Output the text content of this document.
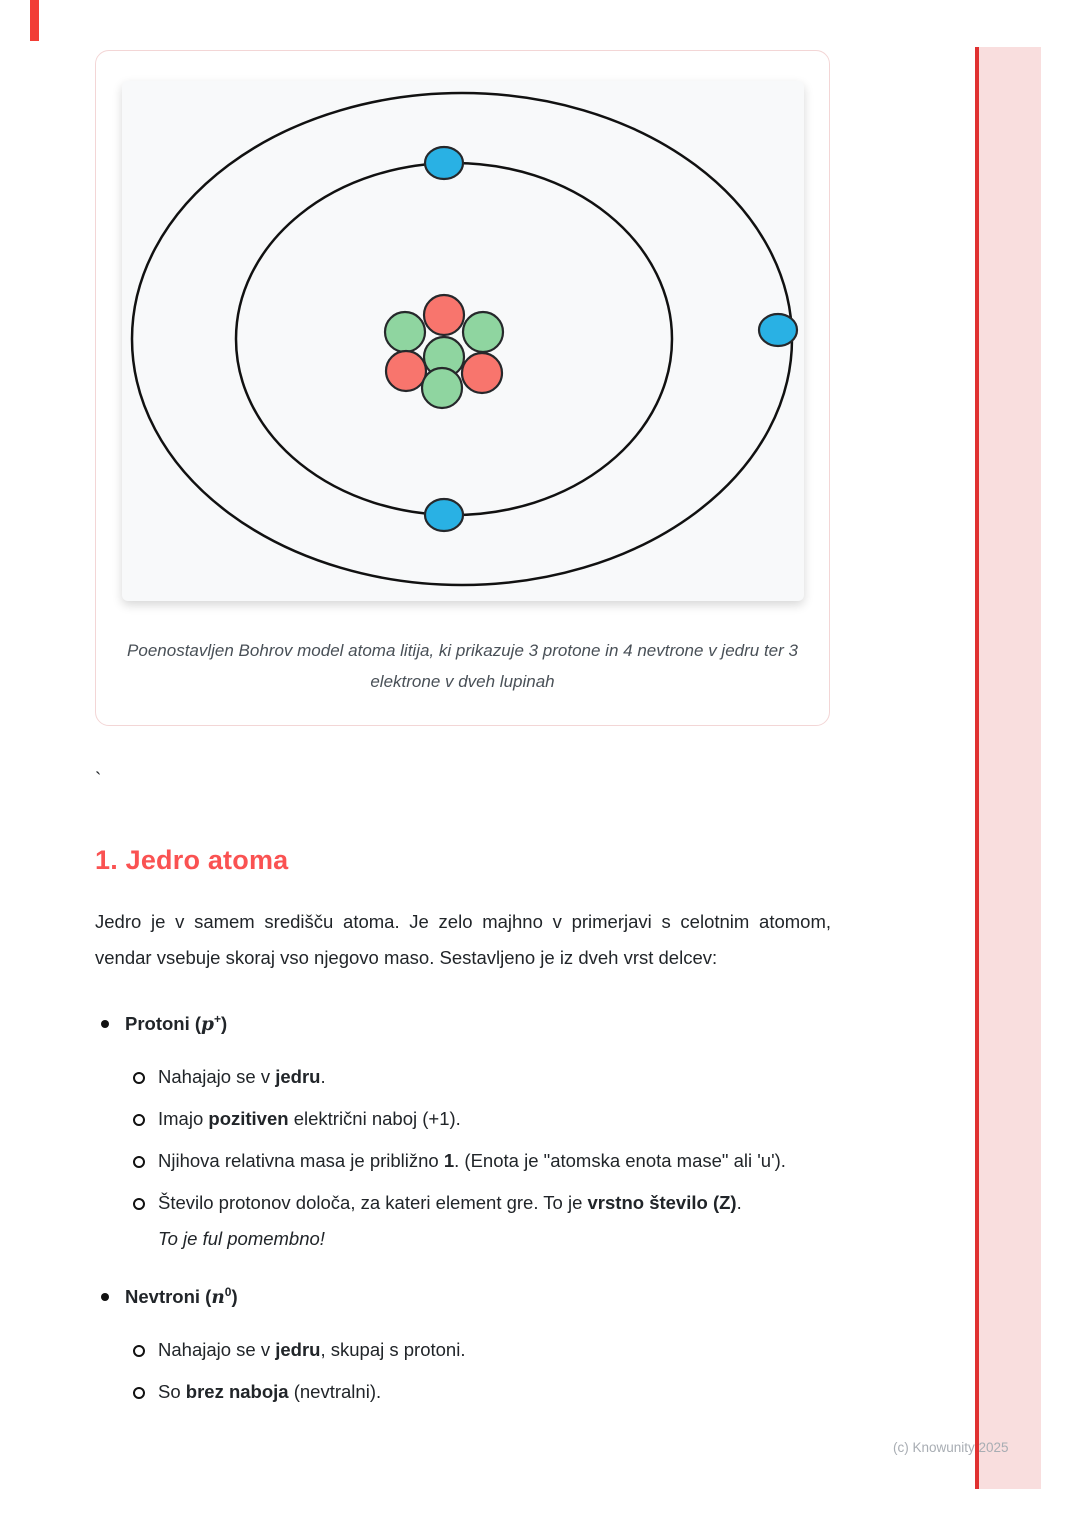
Poenostavljen Bohrov model atoma litija, ki prikazuje 3 protone in 4 nevtrone v jedru ter 3 elektrone v dveh lupinah
`
1. Jedro atoma

Jedro je v samem središču atoma. Je zelo majhno v primerjavi s celotnim atomom, vendar vsebuje skoraj vso njegovo maso. Sestavljeno je iz dveh vrst delcev:

Protoni (p+)
Nahajajo se v jedru.
Imajo pozitiven električni naboj (+1).
Njihova relativna masa je približno 1. (Enota je "atomska enota mase" ali 'u').
Število protonov določa, za kateri element gre. To je vrstno število (Z).
To je ful pomembno!
Nevtroni $(n^0)$
Nahajajo se v jedru, skupaj s protoni.
So brez naboja (nevtralni).
(c) Knowunity 2025
